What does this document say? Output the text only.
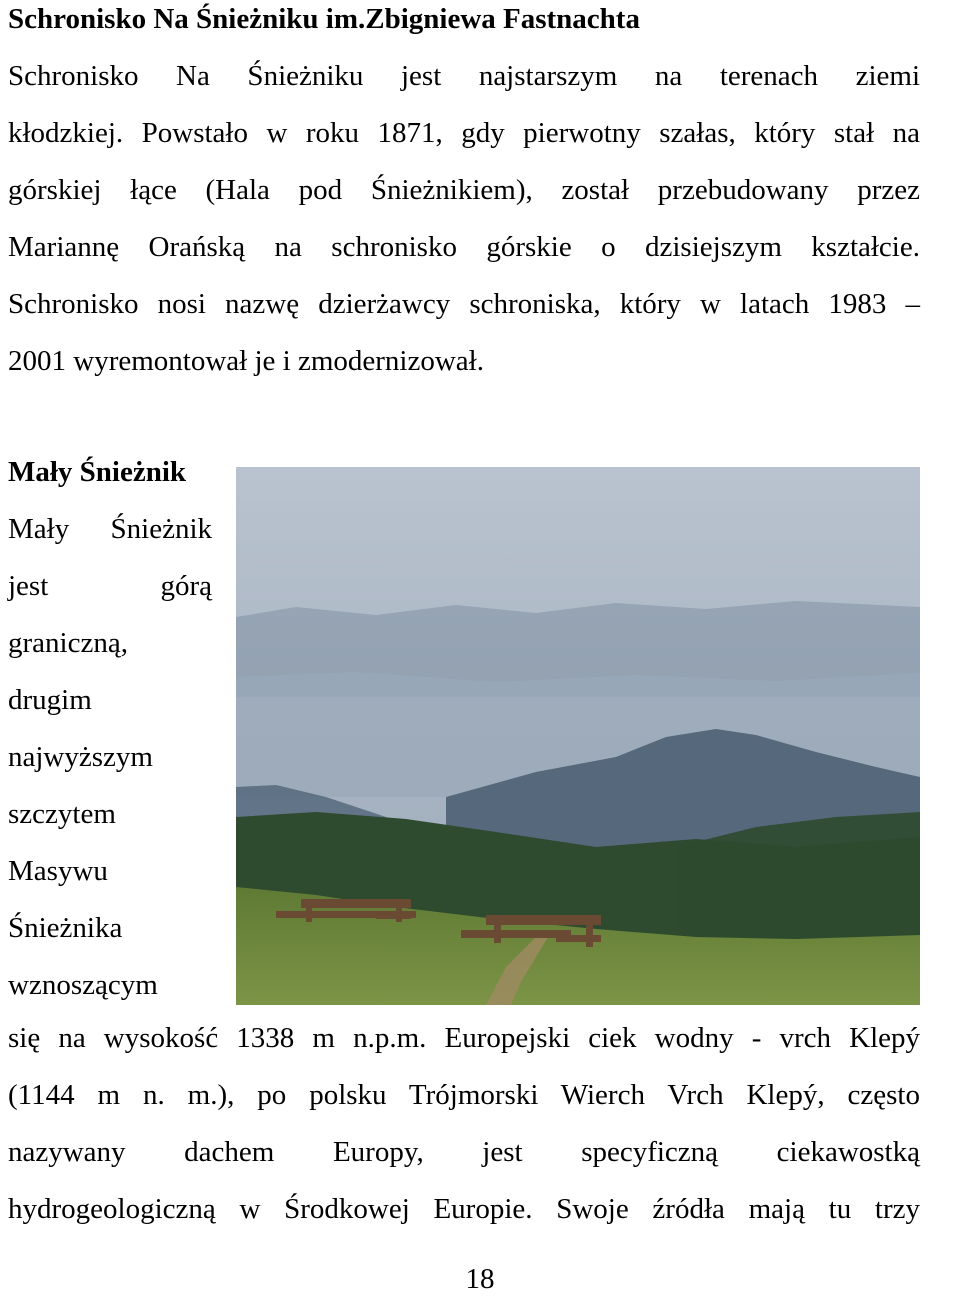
Schronisko Na Śnieżniku im.Zbigniewa Fastnachta
Schronisko Na Śnieżniku jest najstarszym na terenach ziemi
kłodzkiej. Powstało w roku 1871, gdy pierwotny szałas, który stał na
górskiej łące (Hala pod Śnieżnikiem), został przebudowany przez
Mariannę Orańską na schronisko górskie o dzisiejszym kształcie.
Schronisko nosi nazwę dzierżawcy schroniska, który w latach 1983 –
2001 wyremontował je i zmodernizował.
Mały Śnieżnik
Mały Śnieżnik
jest górą
graniczną,
drugim
najwyższym
szczytem
Masywu
Śnieżnika
wznoszącym
się na wysokość 1338 m n.p.m. Europejski ciek wodny - vrch Klepý
(1144 m n. m.), po polsku Trójmorski Wierch Vrch Klepý, często
nazywany dachem Europy, jest specyficzną ciekawostką
hydrogeologiczną w Środkowej Europie. Swoje źródła mają tu trzy
18
